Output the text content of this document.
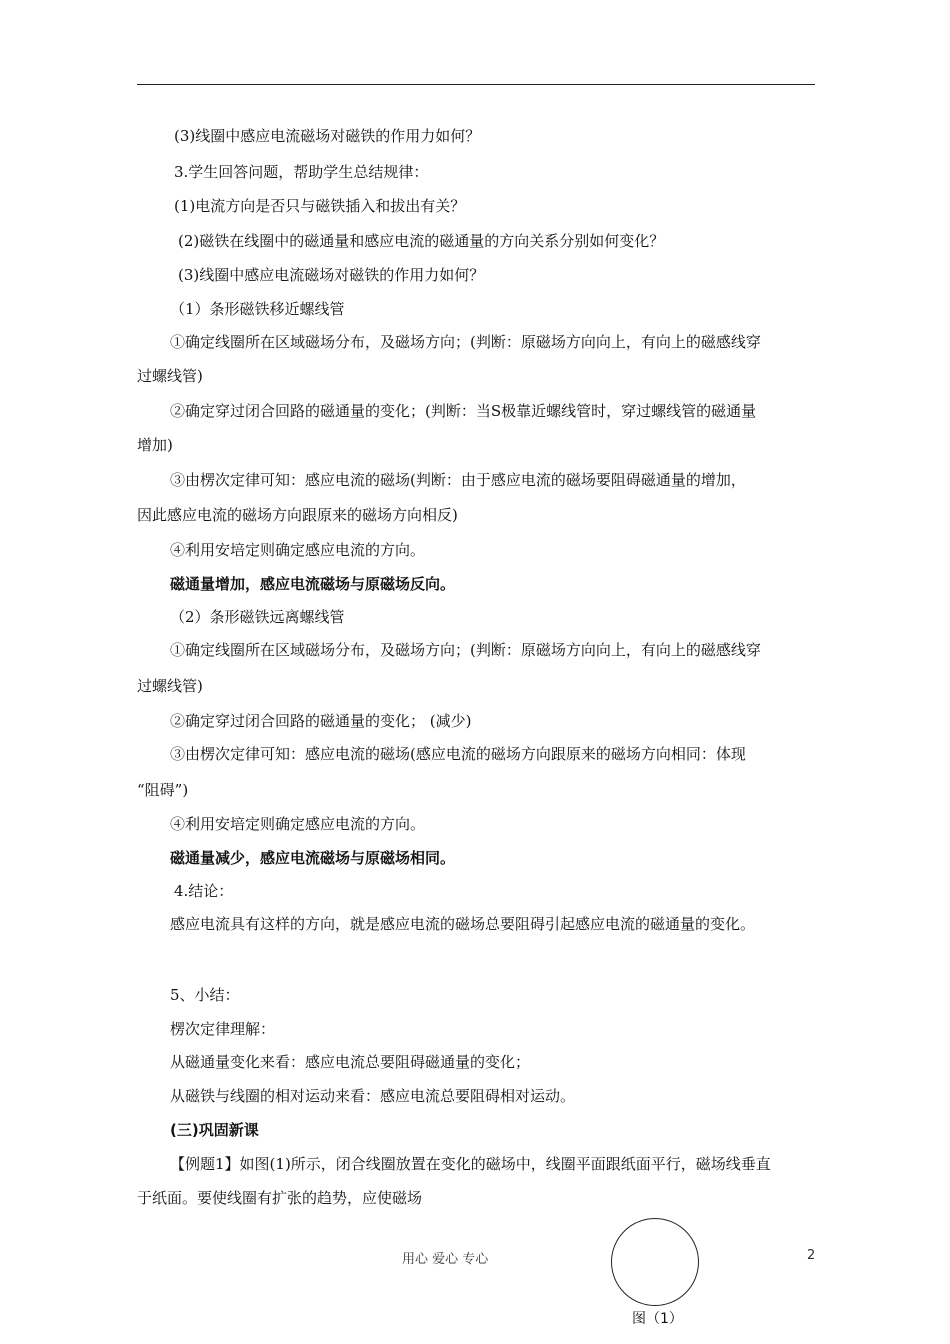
(3)线圈中感应电流磁场对磁铁的作用力如何？
3.学生回答问题，帮助学生总结规律：
(1)电流方向是否只与磁铁插入和拔出有关？
(2)磁铁在线圈中的磁通量和感应电流的磁通量的方向关系分别如何变化？
(3)线圈中感应电流磁场对磁铁的作用力如何？
（1）条形磁铁移近螺线管
①确定线圈所在区域磁场分布，及磁场方向；(判断：原磁场方向向上，有向上的磁感线穿
过螺线管)
②确定穿过闭合回路的磁通量的变化；(判断：当S极靠近螺线管时，穿过螺线管的磁通量
增加)
③由楞次定律可知：感应电流的磁场(判断：由于感应电流的磁场要阻碍磁通量的增加，
因此感应电流的磁场方向跟原来的磁场方向相反)
④利用安培定则确定感应电流的方向。
磁通量增加，感应电流磁场与原磁场反向。
（2）条形磁铁远离螺线管
①确定线圈所在区域磁场分布，及磁场方向；(判断：原磁场方向向上，有向上的磁感线穿
过螺线管)
②确定穿过闭合回路的磁通量的变化； (减少)
③由楞次定律可知：感应电流的磁场(感应电流的磁场方向跟原来的磁场方向相同：体现
“阻碍”)
④利用安培定则确定感应电流的方向。
磁通量减少，感应电流磁场与原磁场相同。
4.结论：
感应电流具有这样的方向，就是感应电流的磁场总要阻碍引起感应电流的磁通量的变化。
5、小结：
楞次定律理解：
从磁通量变化来看：感应电流总要阻碍磁通量的变化；
从磁铁与线圈的相对运动来看：感应电流总要阻碍相对运动。
(三)巩固新课
【例题1】如图(1)所示，闭合线圈放置在变化的磁场中，线圈平面跟纸面平行，磁场线垂直
于纸面。要使线圈有扩张的趋势，应使磁场
用心 爱心 专心	2
图（1）
